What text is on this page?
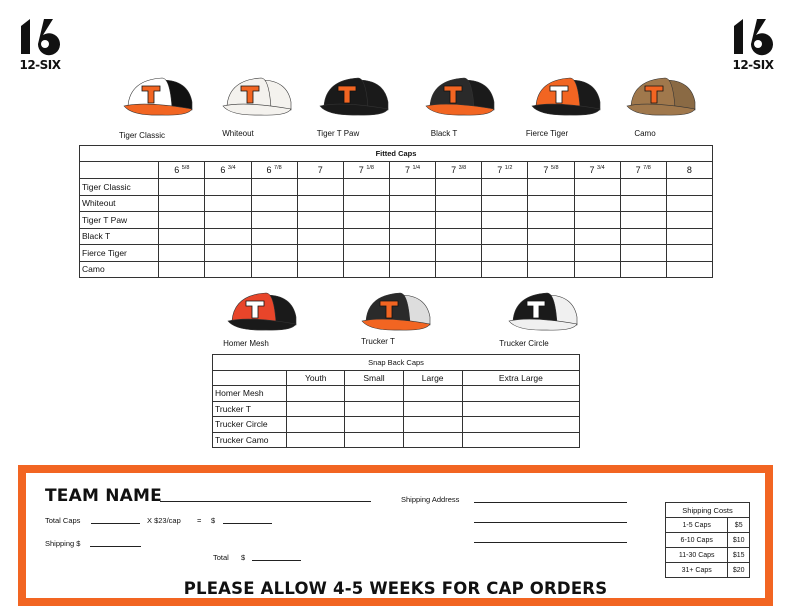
12-SIX	12-SIX
Tiger Classic	Whiteout	Tiger T Paw	Black T	Fierce Tiger	Camo
Fitted Caps												
	6 $^{5/8}$	6 $^{3/4}$	6 $^{7/8}$	7	7 $^{1/8}$	7 $^{1/4}$	7 $^{3/8}$	7 $^{1/2}$	7 $^{5/8}$	7 $^{3/4}$	7 $^{7/8}$	8
Tiger Classic												
Whiteout												
Tiger T Paw												
Black T												
Fierce Tiger												
Camo												
Homer Mesh	Trucker T	Trucker Circle
Snap Back Caps				
	Youth	Small	Large	Extra Large
Homer Mesh				
Trucker T				
Trucker Circle				
Trucker Camo				
TEAM NAME	Shipping Address
Total Caps	X $23/cap = $
Shipping $
Total $
Shipping Costs	
1-5 Caps	$5
6-10 Caps	$10
11-30 Caps	$15
31+ Caps	$20
PLEASE ALLOW 4-5 WEEKS FOR CAP ORDERS
